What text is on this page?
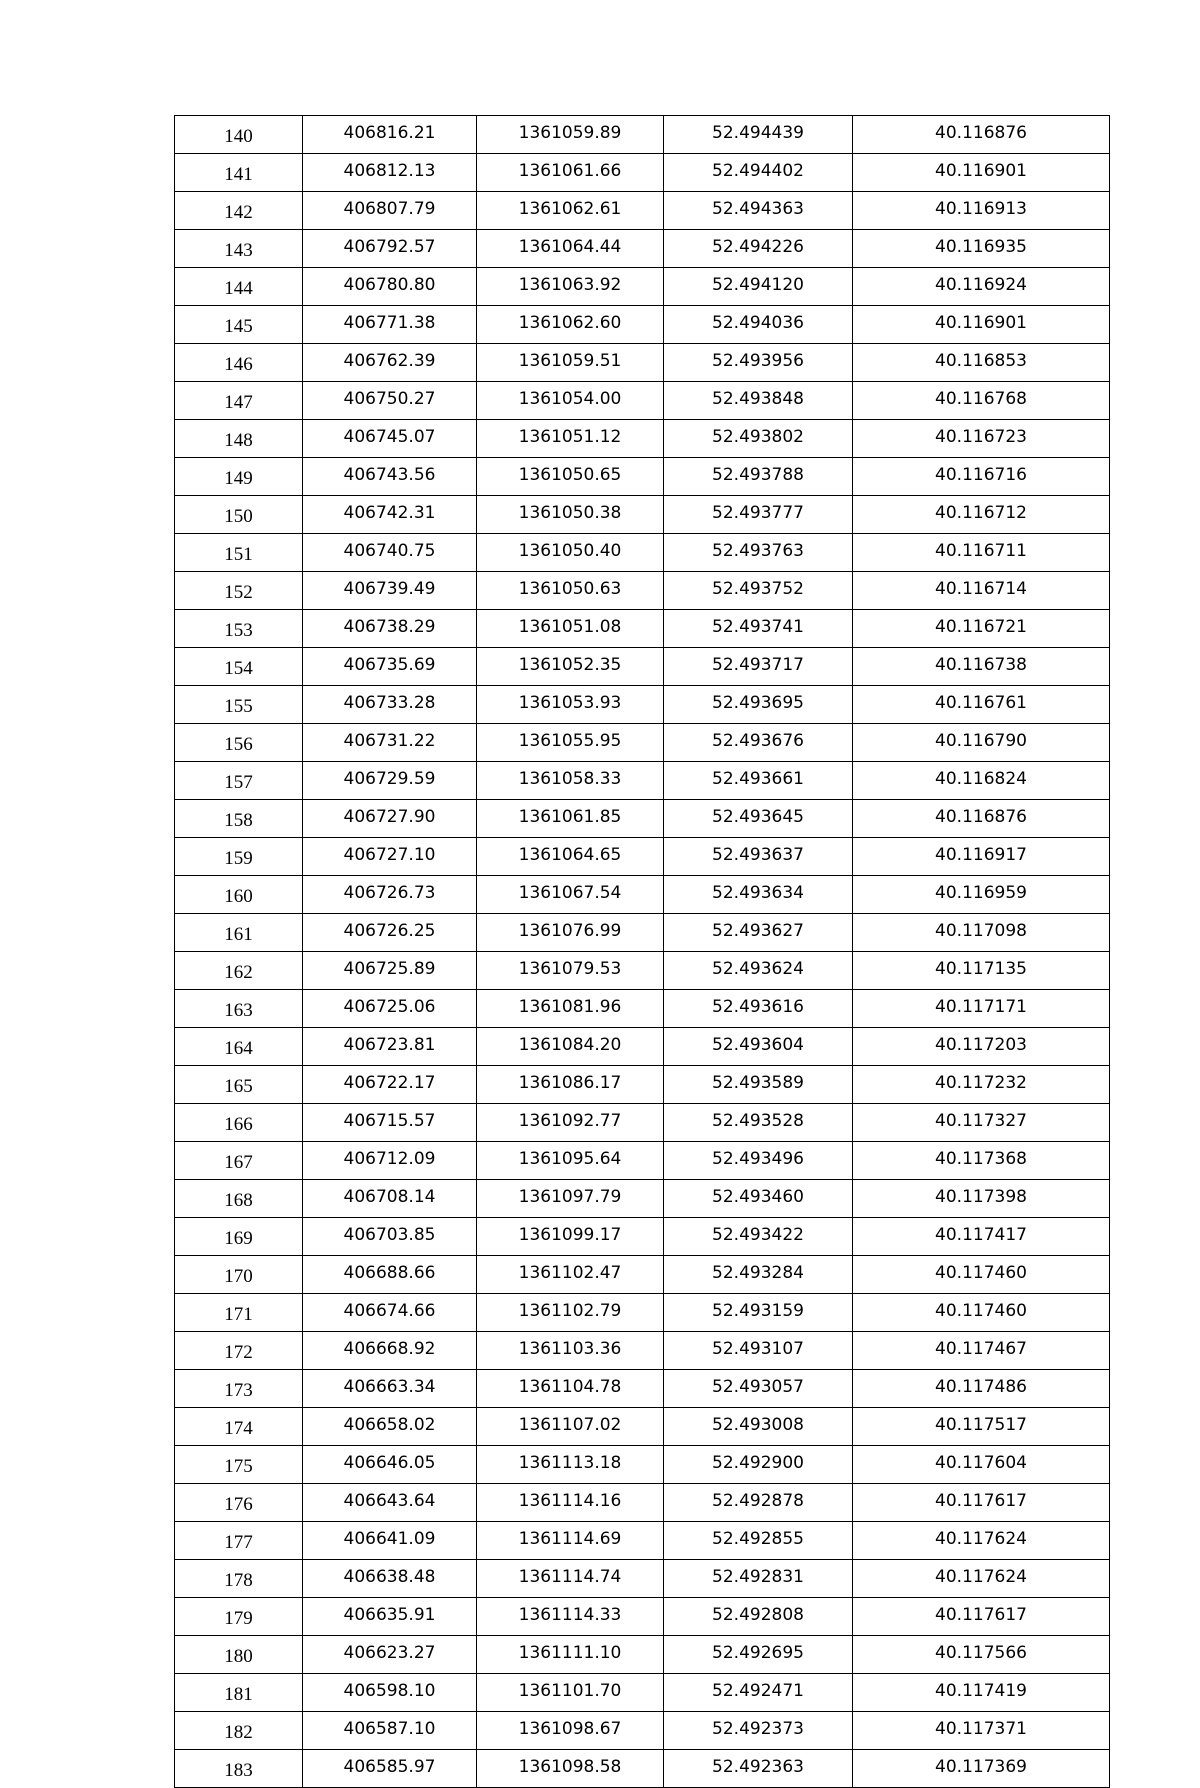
140	406816.21	1361059.89	52.494439	40.116876
141	406812.13	1361061.66	52.494402	40.116901
142	406807.79	1361062.61	52.494363	40.116913
143	406792.57	1361064.44	52.494226	40.116935
144	406780.80	1361063.92	52.494120	40.116924
145	406771.38	1361062.60	52.494036	40.116901
146	406762.39	1361059.51	52.493956	40.116853
147	406750.27	1361054.00	52.493848	40.116768
148	406745.07	1361051.12	52.493802	40.116723
149	406743.56	1361050.65	52.493788	40.116716
150	406742.31	1361050.38	52.493777	40.116712
151	406740.75	1361050.40	52.493763	40.116711
152	406739.49	1361050.63	52.493752	40.116714
153	406738.29	1361051.08	52.493741	40.116721
154	406735.69	1361052.35	52.493717	40.116738
155	406733.28	1361053.93	52.493695	40.116761
156	406731.22	1361055.95	52.493676	40.116790
157	406729.59	1361058.33	52.493661	40.116824
158	406727.90	1361061.85	52.493645	40.116876
159	406727.10	1361064.65	52.493637	40.116917
160	406726.73	1361067.54	52.493634	40.116959
161	406726.25	1361076.99	52.493627	40.117098
162	406725.89	1361079.53	52.493624	40.117135
163	406725.06	1361081.96	52.493616	40.117171
164	406723.81	1361084.20	52.493604	40.117203
165	406722.17	1361086.17	52.493589	40.117232
166	406715.57	1361092.77	52.493528	40.117327
167	406712.09	1361095.64	52.493496	40.117368
168	406708.14	1361097.79	52.493460	40.117398
169	406703.85	1361099.17	52.493422	40.117417
170	406688.66	1361102.47	52.493284	40.117460
171	406674.66	1361102.79	52.493159	40.117460
172	406668.92	1361103.36	52.493107	40.117467
173	406663.34	1361104.78	52.493057	40.117486
174	406658.02	1361107.02	52.493008	40.117517
175	406646.05	1361113.18	52.492900	40.117604
176	406643.64	1361114.16	52.492878	40.117617
177	406641.09	1361114.69	52.492855	40.117624
178	406638.48	1361114.74	52.492831	40.117624
179	406635.91	1361114.33	52.492808	40.117617
180	406623.27	1361111.10	52.492695	40.117566
181	406598.10	1361101.70	52.492471	40.117419
182	406587.10	1361098.67	52.492373	40.117371
183	406585.97	1361098.58	52.492363	40.117369
